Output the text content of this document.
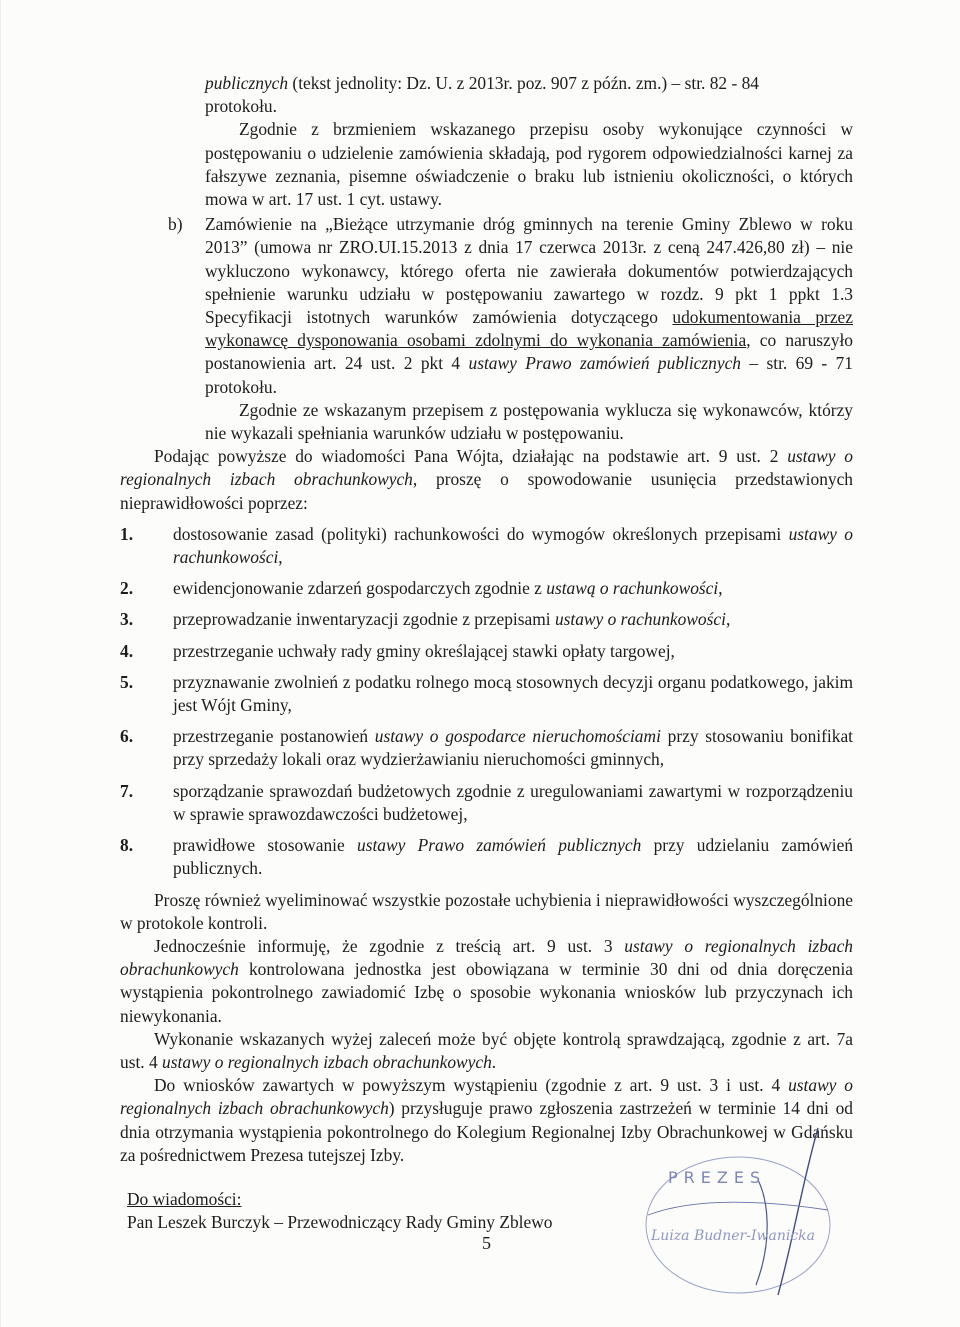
publicznych (tekst jednolity: Dz. U. z 2013r. poz. 907 z późn. zm.) – str. 82 - 84
protokołu.

Zgodnie z brzmieniem wskazanego przepisu osoby wykonujące czynności w postępowaniu o udzielenie zamówienia składają, pod rygorem odpowiedzialności karnej za fałszywe zeznania, pisemne oświadczenie o braku lub istnieniu okoliczności, o których mowa w art. 17 ust. 1 cyt. ustawy.

b)	Zamówienie na „Bieżące utrzymanie dróg gminnych na terenie Gminy Zblewo w roku 2013” (umowa nr ZRO.UI.15.2013 z dnia 17 czerwca 2013r. z ceną 247.426,80 zł) – nie wykluczono wykonawcy, którego oferta nie zawierała dokumentów potwierdzających spełnienie warunku udziału w postępowaniu zawartego w rozdz. 9 pkt 1 ppkt 1.3 Specyfikacji istotnych warunków zamówienia dotyczącego udokumentowania przez wykonawcę dysponowania osobami zdolnymi do wykonania zamówienia, co naruszyło postanowienia art. 24 ust. 2 pkt 4 ustawy Prawo zamówień publicznych – str. 69 - 71 protokołu.

Zgodnie ze wskazanym przepisem z postępowania wyklucza się wykonawców, którzy nie wykazali spełniania warunków udziału w postępowaniu.

Podając powyższe do wiadomości Pana Wójta, działając na podstawie art. 9 ust. 2 ustawy o regionalnych izbach obrachunkowych, proszę o spowodowanie usunięcia przedstawionych nieprawidłowości poprzez:

1. dostosowanie zasad (polityki) rachunkowości do wymogów określonych przepisami ustawy o rachunkowości,
2. ewidencjonowanie zdarzeń gospodarczych zgodnie z ustawą o rachunkowości,
3. przeprowadzanie inwentaryzacji zgodnie z przepisami ustawy o rachunkowości,
4. przestrzeganie uchwały rady gminy określającej stawki opłaty targowej,
5. przyznawanie zwolnień z podatku rolnego mocą stosownych decyzji organu podatkowego, jakim jest Wójt Gminy,
6. przestrzeganie postanowień ustawy o gospodarce nieruchomościami przy stosowaniu bonifikat przy sprzedaży lokali oraz wydzierżawianiu nieruchomości gminnych,
7. sporządzanie sprawozdań budżetowych zgodnie z uregulowaniami zawartymi w rozporządzeniu w sprawie sprawozdawczości budżetowej,
8. prawidłowe stosowanie ustawy Prawo zamówień publicznych przy udzielaniu zamówień publicznych.

Proszę również wyeliminować wszystkie pozostałe uchybienia i nieprawidłowości wyszczególnione w protokole kontroli.

Jednocześnie informuję, że zgodnie z treścią art. 9 ust. 3 ustawy o regionalnych izbach obrachunkowych kontrolowana jednostka jest obowiązana w terminie 30 dni od dnia doręczenia wystąpienia pokontrolnego zawiadomić Izbę o sposobie wykonania wniosków lub przyczynach ich niewykonania.

Wykonanie wskazanych wyżej zaleceń może być objęte kontrolą sprawdzającą, zgodnie z art. 7a ust. 4 ustawy o regionalnych izbach obrachunkowych.

Do wniosków zawartych w powyższym wystąpieniu (zgodnie z art. 9 ust. 3 i ust. 4 ustawy o regionalnych izbach obrachunkowych) przysługuje prawo zgłoszenia zastrzeżeń w terminie 14 dni od dnia otrzymania wystąpienia pokontrolnego do Kolegium Regionalnej Izby Obrachunkowej w Gdańsku za pośrednictwem Prezesa tutejszej Izby.

Do wiadomości:
Pan Leszek Burczyk – Przewodniczący Rady Gminy Zblewo
5
PREZES
Luiza Budner-Iwanicka
